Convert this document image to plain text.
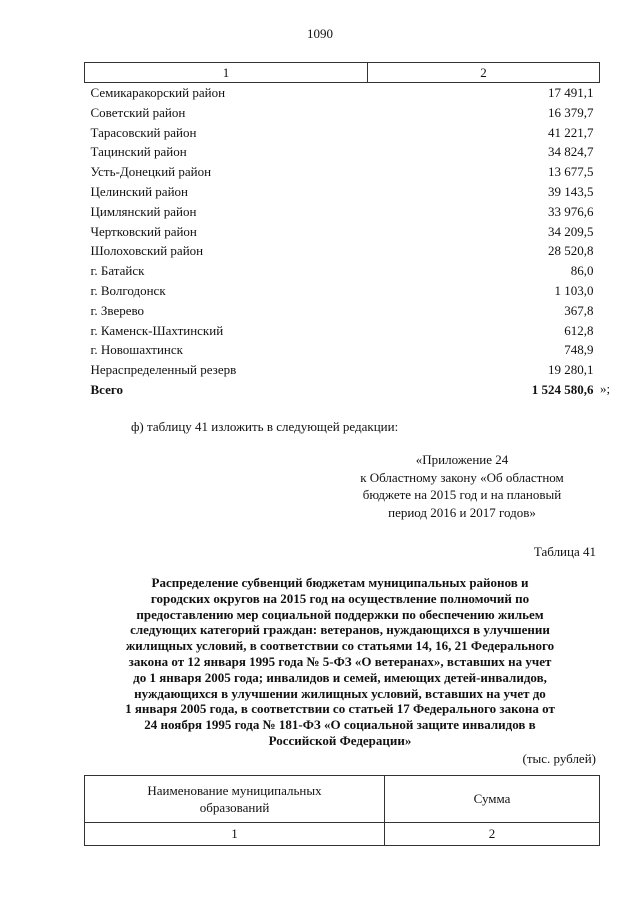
1090
1	2
Семикаракорский район	17 491,1
Советский район	16 379,7
Тарасовский район	41 221,7
Тацинский район	34 824,7
Усть-Донецкий район	13 677,5
Целинский район	39 143,5
Цимлянский район	33 976,6
Чертковский район	34 209,5
Шолоховский район	28 520,8
г. Батайск	86,0
г. Волгодонск	1 103,0
г. Зверево	367,8
г. Каменск-Шахтинский	612,8
г. Новошахтинск	748,9
Нераспределенный резерв	19 280,1
Всего	1 524 580,6 »;
ф) таблицу 41 изложить в следующей редакции:
«Приложение 24
к Областному закону «Об областном
бюджете на 2015 год и на плановый
период 2016 и 2017 годов»
Таблица 41
Распределение субвенций бюджетам муниципальных районов и
городских округов на 2015 год на осуществление полномочий по
предоставлению мер социальной поддержки по обеспечению жильем
следующих категорий граждан: ветеранов, нуждающихся в улучшении
жилищных условий, в соответствии со статьями 14, 16, 21 Федерального
закона от 12 января 1995 года № 5-ФЗ «О ветеранах», вставших на учет
до 1 января 2005 года; инвалидов и семей, имеющих детей-инвалидов,
нуждающихся в улучшении жилищных условий, вставших на учет до
1 января 2005 года, в соответствии со статьей 17 Федерального закона от
24 ноября 1995 года № 181-ФЗ «О социальной защите инвалидов в
Российской Федерации»
(тыс. рублей)
Наименование муниципальных
образований	Сумма
1	2
